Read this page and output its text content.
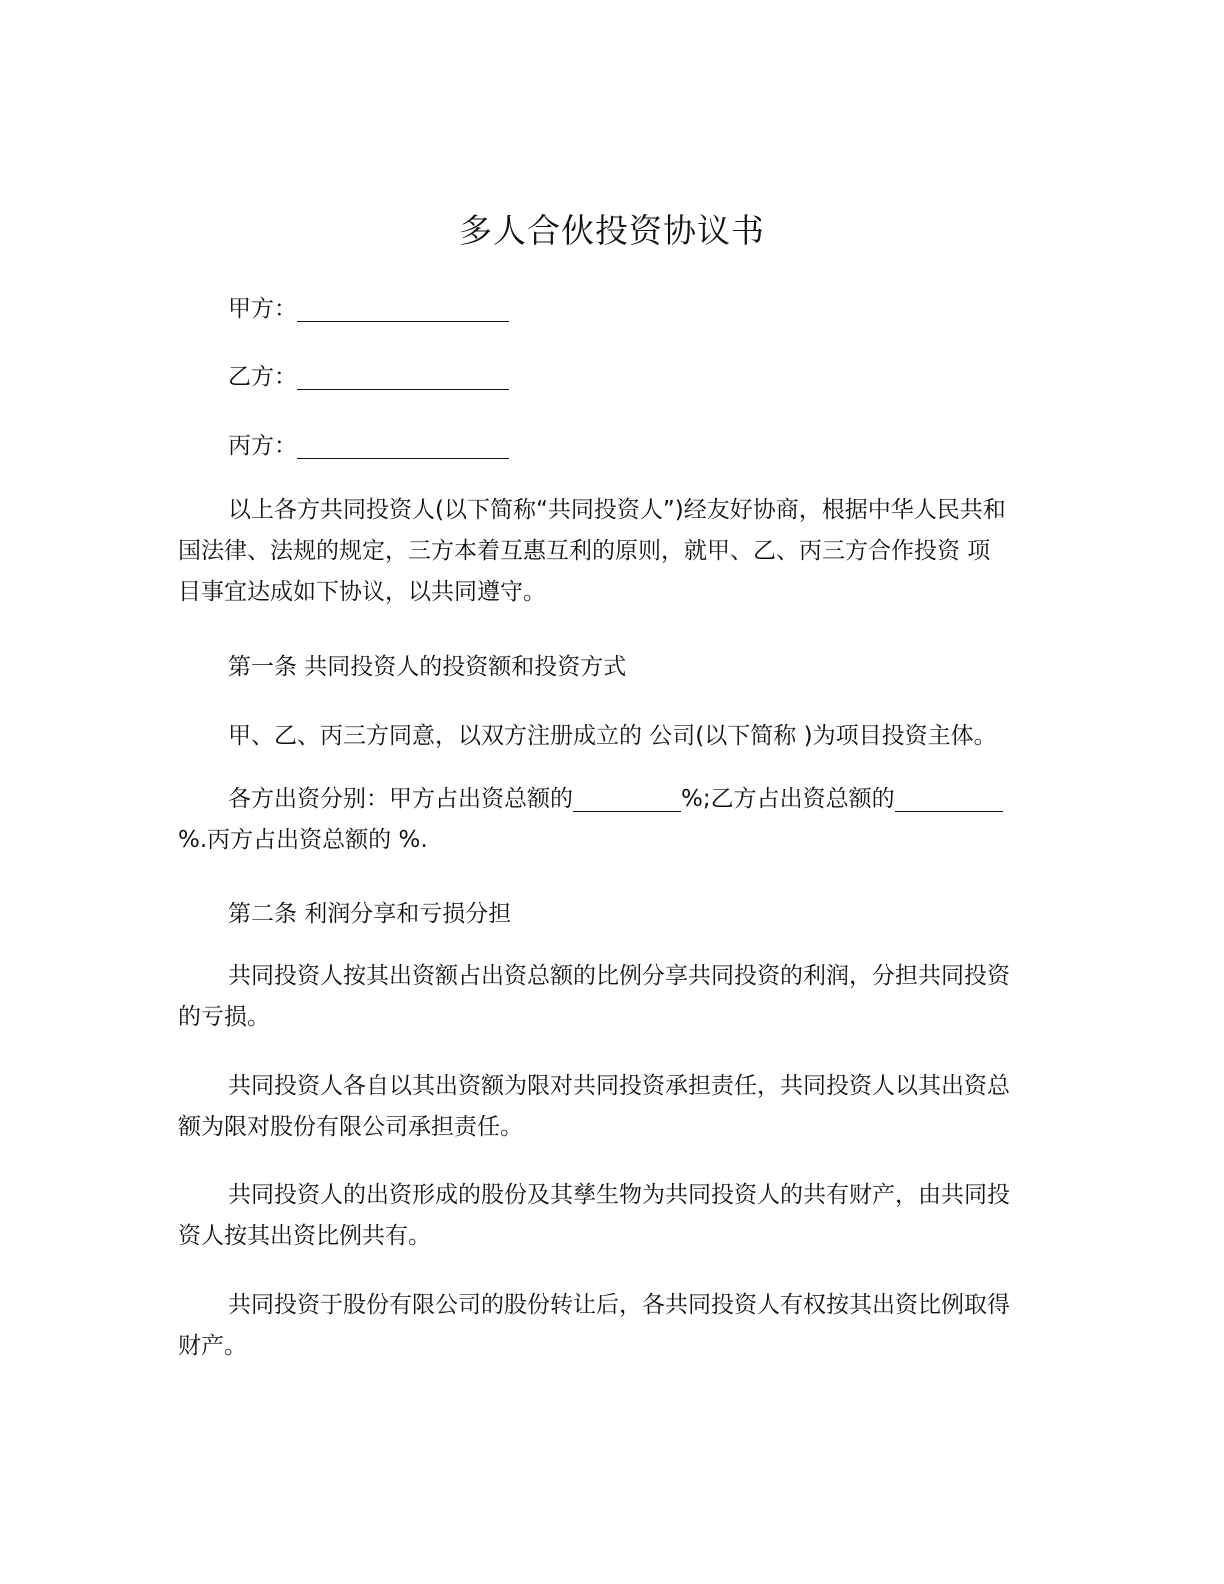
多人合伙投资协议书
甲方：
乙方：
丙方：
以上各方共同投资人(以下简称“共同投资人”)经友好协商，根据中华人民共和
国法律、法规的规定，三方本着互惠互利的原则，就甲、乙、丙三方合作投资 项
目事宜达成如下协议，以共同遵守。
第一条 共同投资人的投资额和投资方式
甲、乙、丙三方同意，以双方注册成立的 公司(以下简称 )为项目投资主体。
各方出资分别：甲方占出资总额的	%;乙方占出资总额的
%.丙方占出资总额的 %.
第二条 利润分享和亏损分担
共同投资人按其出资额占出资总额的比例分享共同投资的利润，分担共同投资
的亏损。
共同投资人各自以其出资额为限对共同投资承担责任，共同投资人以其出资总
额为限对股份有限公司承担责任。
共同投资人的出资形成的股份及其孳生物为共同投资人的共有财产，由共同投
资人按其出资比例共有。
共同投资于股份有限公司的股份转让后，各共同投资人有权按其出资比例取得
财产。
